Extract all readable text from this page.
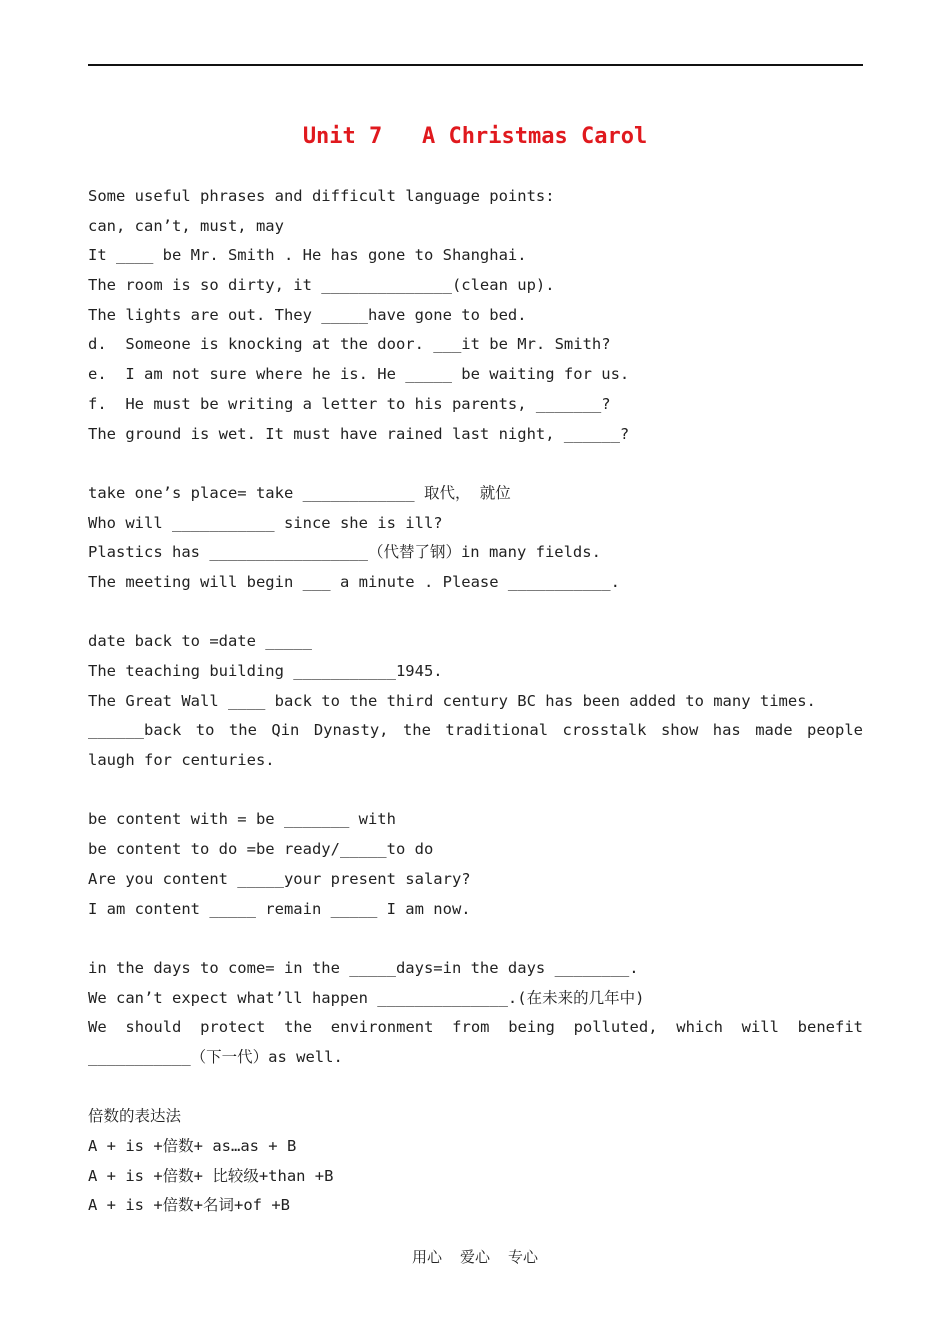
Unit 7   A Christmas Carol
Some useful phrases and difficult language points:
can, can’t, must, may
It ____ be Mr. Smith . He has gone to Shanghai.
The room is so dirty, it ______________(clean up).
The lights are out. They _____have gone to bed.
d.  Someone is knocking at the door. ___it be Mr. Smith?
e.  I am not sure where he is. He _____ be waiting for us.
f.  He must be writing a letter to his parents, _______?
The ground is wet. It must have rained last night, ______?
take one’s place= take ____________ 取代， 就位
Who will ___________ since she is ill?
Plastics has _________________（代替了钢）in many fields.
The meeting will begin ___ a minute . Please ___________.
date back to =date _____
The teaching building ___________1945.
The Great Wall ____ back to the third century BC has been added to many times.
______back to the Qin Dynasty, the traditional crosstalk show has made people
laugh for centuries.
be content with = be _______ with
be content to do =be ready/_____to do
Are you content _____your present salary?
I am content _____ remain _____ I am now.
in the days to come= in the _____days=in the days ________.
We can’t expect what’ll happen ______________.(在未来的几年中)
We should protect the environment from being polluted, which will benefit
___________（下一代）as well.
倍数的表达法
A + is +倍数+ as…as + B
A + is +倍数+ 比较级+than +B
A + is +倍数+名词+of +B
用心  爱心  专心
